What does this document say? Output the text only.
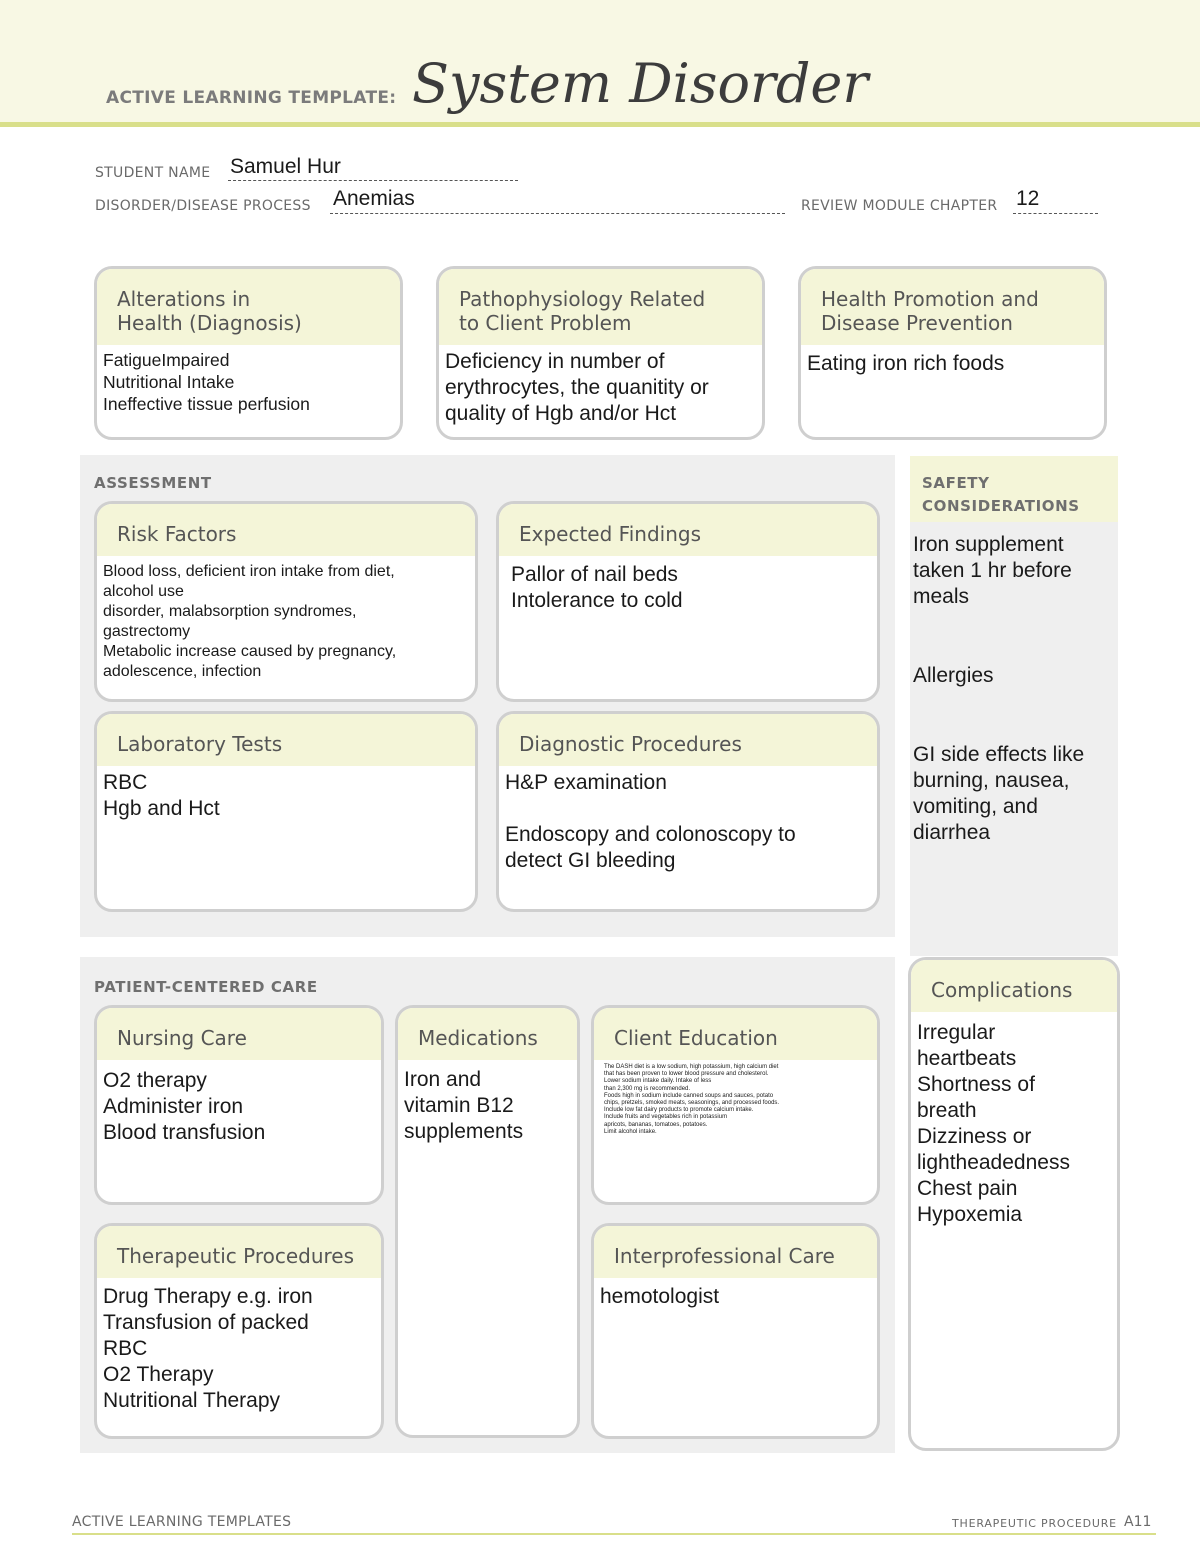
ACTIVE LEARNING TEMPLATE: System Disorder
STUDENT NAME Samuel Hur
DISORDER/DISEASE PROCESS Anemias	REVIEW MODULE CHAPTER 12
Alterations in
Health (Diagnosis)
FatigueImpaired
Nutritional Intake
Ineffective tissue perfusion
Pathophysiology Related
to Client Problem
Deficiency in number of
erythrocytes, the quanitity or
quality of Hgb and/or Hct
Health Promotion and
Disease Prevention
Eating iron rich foods
ASSESSMENT
Risk Factors
Blood loss, deficient iron intake from diet,
alcohol use
disorder, malabsorption syndromes,
gastrectomy
Metabolic increase caused by pregnancy,
adolescence, infection
Expected Findings
Pallor of nail beds
Intolerance to cold
Laboratory Tests
RBC
Hgb and Hct
Diagnostic Procedures
H&P examination

Endoscopy and colonoscopy to
detect GI bleeding
SAFETY
CONSIDERATIONS
Iron supplement
taken 1 hr before
meals
Allergies
GI side effects like
burning, nausea,
vomiting, and
diarrhea
PATIENT-CENTERED CARE
Nursing Care
O2 therapy
Administer iron
Blood transfusion
Medications
Iron and
vitamin B12
supplements
Client Education
The DASH diet is a low sodium, high potassium, high calcium diet
that has been proven to lower blood pressure and cholesterol.
Lower sodium intake daily. Intake of less
than 2,300 mg is recommended.
Foods high in sodium include canned soups and sauces, potato
chips, pretzels, smoked meats, seasonings, and processed foods.
Include low fat dairy products to promote calcium intake.
Include fruits and vegetables rich in potassium
apricots, bananas, tomatoes, potatoes.
Limit alcohol intake.
Therapeutic Procedures
Drug Therapy e.g. iron
Transfusion of packed
RBC
O2 Therapy
Nutritional Therapy
Interprofessional Care
hemotologist
Complications
Irregular
heartbeats
Shortness of
breath
Dizziness or
lightheadedness
Chest pain
Hypoxemia
ACTIVE LEARNING TEMPLATES	THERAPEUTIC PROCEDURE A11
